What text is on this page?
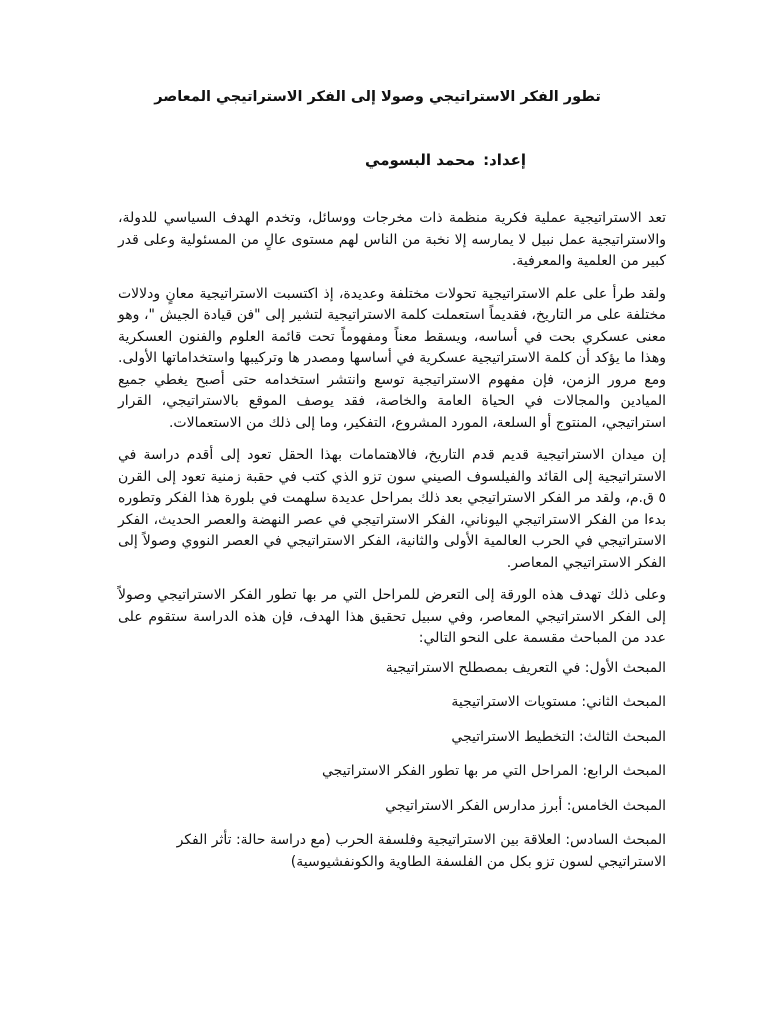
تطور الفكر الاستراتيجي وصولا إلى الفكر الاستراتيجي المعاصر
إعداد:محمد البسومي

تعد الاستراتيجية عملية فكرية منظمة ذات مخرجات ووسائل، وتخدم الهدف السياسي للدولة، والاستراتيجية عمل نبيل لا يمارسه إلا نخبة من الناس لهم مستوى عالٍ من المسئولية وعلى قدر كبير من العلمية والمعرفية.

ولقد طرأ على علم الاستراتيجية تحولات مختلفة وعديدة، إذ اكتسبت الاستراتيجية معانٍ ودلالات مختلفة على مر التاريخ، فقديماً استعملت كلمة الاستراتيجية لتشير إلى "فن قيادة الجيش "، وهو معنى عسكري بحت في أساسه، ويسقط معناً ومفهوماً تحت قائمة العلوم والفنون العسكرية وهذا ما يؤكد أن كلمة الاستراتيجية عسكرية في أساسها ومصدر ها وتركيبها واستخداماتها الأولى. ومع مرور الزمن، فإن مفهوم الاستراتيجية توسع وانتشر استخدامه حتى أصبح يغطي جميع الميادين والمجالات في الحياة العامة والخاصة، فقد يوصف الموقع بالاستراتيجي، القرار استراتيجي، المنتوج أو السلعة، المورد المشروع، التفكير، وما إلى ذلك من الاستعمالات.

إن ميدان الاستراتيجية قديم قدم التاريخ، فالاهتمامات بهذا الحقل تعود إلى أقدم دراسة في الاستراتيجية إلى القائد والفيلسوف الصيني سون تزو الذي كتب في حقبة زمنية تعود إلى القرن ٥ ق.م، ولقد مر الفكر الاستراتيجي بعد ذلك بمراحل عديدة سلهمت في بلورة هذا الفكر وتطوره بدءا من الفكر الاستراتيجي اليوناني، الفكر الاستراتيجي في عصر النهضة والعصر الحديث، الفكر الاستراتيجي في الحرب العالمية الأولى والثانية، الفكر الاستراتيجي في العصر النووي وصولاً إلى الفكر الاستراتيجي المعاصر.

وعلى ذلك تهدف هذه الورقة إلى التعرض للمراحل التي مر بها تطور الفكر الاستراتيجي وصولاً إلى الفكر الاستراتيجي المعاصر، وفي سبيل تحقيق هذا الهدف، فإن هذه الدراسة ستقوم على عدد من المباحث مقسمة على النحو التالي:

المبحث الأول: في التعريف بمصطلح الاستراتيجية

المبحث الثاني: مستويات الاستراتيجية

المبحث الثالث: التخطيط الاستراتيجي

المبحث الرابع: المراحل التي مر بها تطور الفكر الاستراتيجي

المبحث الخامس: أبرز مدارس الفكر الاستراتيجي

المبحث السادس: العلاقة بين الاستراتيجية وفلسفة الحرب (مع دراسة حالة: تأثر الفكر الاستراتيجي لسون تزو بكل من الفلسفة الطاوية والكونفشيوسية)
